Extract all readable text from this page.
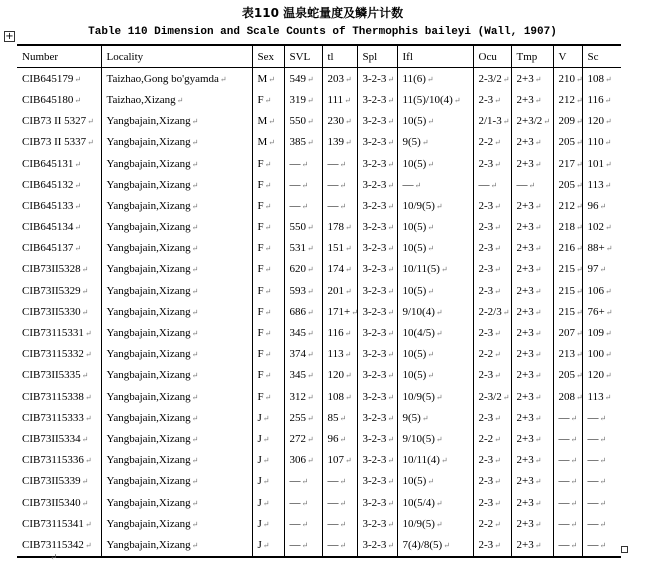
表110 温泉蛇量度及鳞片计数
Table 110 Dimension and Scale Counts of Thermophis baileyi (Wall, 1907)
+
Number	Locality	Sex	SVL	tl	Spl	Ifl	Ocu	Tmp	V	Sc
CIB645179↵	Taizhao,Gong bo'gyamda↵	M↵	549↵	203↵	3-2-3↵	11(6)↵	2-3/2↵	2+3↵	210↵	108↵
CIB645180↵	Taizhao,Xizang↵	F↵	319↵	111↵	3-2-3↵	11(5)/10(4)↵	2-3↵	2+3↵	212↵	116↵
CIB73 II 5327↵	Yangbajain,Xizang↵	M↵	550↵	230↵	3-2-3↵	10(5)↵	2/1-3↵	2+3/2↵	209↵	120↵
CIB73 II 5337↵	Yangbajain,Xizang↵	M↵	385↵	139↵	3-2-3↵	9(5)↵	2-2↵	2+3↵	205↵	110↵
CIB645131↵	Yangbajain,Xizang↵	F↵	—↵	—↵	3-2-3↵	10(5)↵	2-3↵	2+3↵	217↵	101↵
CIB645132↵	Yangbajain,Xizang↵	F↵	—↵	—↵	3-2-3↵	—↵	—↵	—↵	205↵	113↵
CIB645133↵	Yangbajain,Xizang↵	F↵	—↵	—↵	3-2-3↵	10/9(5)↵	2-3↵	2+3↵	212↵	96↵
CIB645134↵	Yangbajain,Xizang↵	F↵	550↵	178↵	3-2-3↵	10(5)↵	2-3↵	2+3↵	218↵	102↵
CIB645137↵	Yangbajain,Xizang↵	F↵	531↵	151↵	3-2-3↵	10(5)↵	2-3↵	2+3↵	216↵	88+↵
CIB73II5328↵	Yangbajain,Xizang↵	F↵	620↵	174↵	3-2-3↵	10/11(5)↵	2-3↵	2+3↵	215↵	97↵
CIB73II5329↵	Yangbajain,Xizang↵	F↵	593↵	201↵	3-2-3↵	10(5)↵	2-3↵	2+3↵	215↵	106↵
CIB73II5330↵	Yangbajain,Xizang↵	F↵	686↵	171+↵	3-2-3↵	9/10(4)↵	2-2/3↵	2+3↵	215↵	76+↵
CIB73115331↵	Yangbajain,Xizang↵	F↵	345↵	116↵	3-2-3↵	10(4/5)↵	2-3↵	2+3↵	207↵	109↵
CIB73115332↵	Yangbajain,Xizang↵	F↵	374↵	113↵	3-2-3↵	10(5)↵	2-2↵	2+3↵	213↵	100↵
CIB73II5335↵	Yangbajain,Xizang↵	F↵	345↵	120↵	3-2-3↵	10(5)↵	2-3↵	2+3↵	205↵	120↵
CIB73115338↵	Yangbajain,Xizang↵	F↵	312↵	108↵	3-2-3↵	10/9(5)↵	2-3/2↵	2+3↵	208↵	113↵
CIB73115333↵	Yangbajain,Xizang↵	J↵	255↵	85↵	3-2-3↵	9(5)↵	2-3↵	2+3↵	—↵	—↵
CIB73II5334↵	Yangbajain,Xizang↵	J↵	272↵	96↵	3-2-3↵	9/10(5)↵	2-2↵	2+3↵	—↵	—↵
CIB73115336↵	Yangbajain,Xizang↵	J↵	306↵	107↵	3-2-3↵	10/11(4)↵	2-3↵	2+3↵	—↵	—↵
CIB73II5339↵	Yangbajain,Xizang↵	J↵	—↵	—↵	3-2-3↵	10(5)↵	2-3↵	2+3↵	—↵	—↵
CIB73II5340↵	Yangbajain,Xizang↵	J↵	—↵	—↵	3-2-3↵	10(5/4)↵	2-3↵	2+3↵	—↵	—↵
CIB73115341↵	Yangbajain,Xizang↵	J↵	—↵	—↵	3-2-3↵	10/9(5)↵	2-2↵	2+3↵	—↵	—↵
CIB73115342↵	Yangbajain,Xizang↵	J↵	—↵	—↵	3-2-3↵	7(4)/8(5)↵	2-3↵	2+3↵	—↵	—↵
↵
